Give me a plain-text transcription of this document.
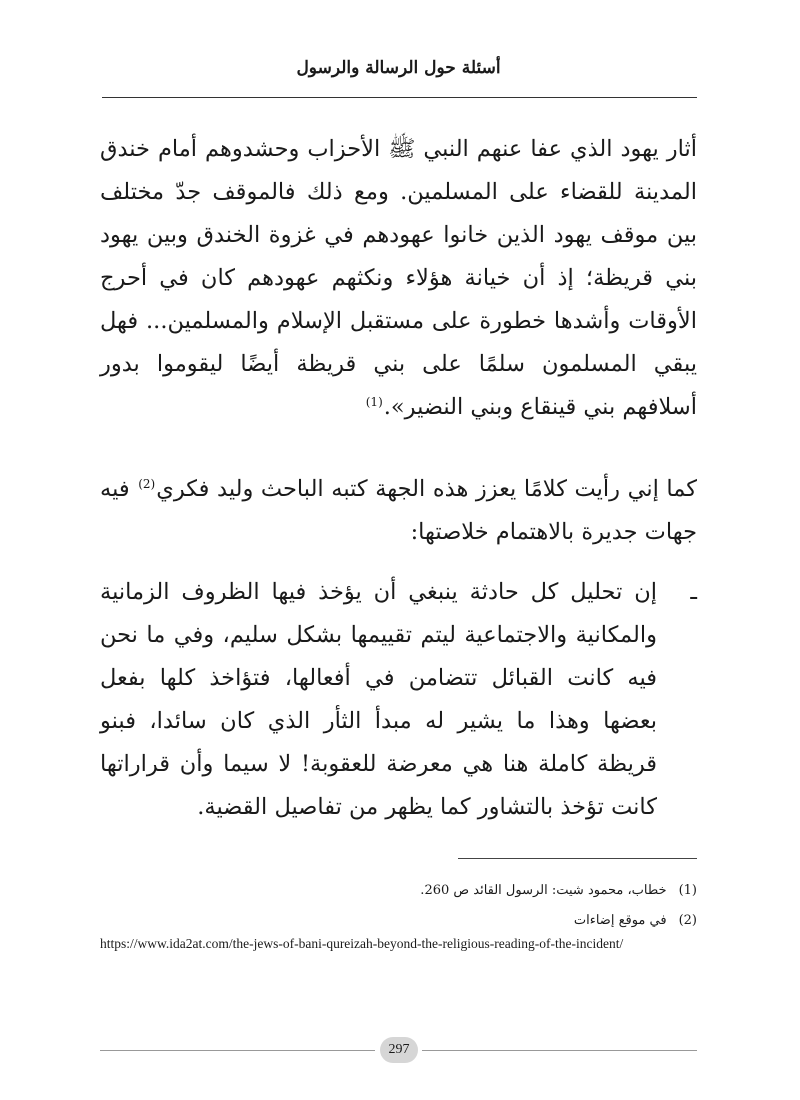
أسئلة حول الرسالة والرسول

أثار يهود الذي عفا عنهم النبي ﷺ الأحزاب وحشدوهم أمام خندق المدينة للقضاء على المسلمين. ومع ذلك فالموقف جدّ مختلف بين موقف يهود الذين خانوا عهودهم في غزوة الخندق وبين يهود بني قريظة؛ إذ أن خيانة هؤلاء ونكثهم عهودهم كان في أحرج الأوقات وأشدها خطورة على مستقبل الإسلام والمسلمين... فهل يبقي المسلمون سلمًا على بني قريظة أيضًا ليقوموا بدور أسلافهم بني قينقاع وبني النضير».$^{(1)}$

كما إني رأيت كلامًا يعزز هذه الجهة كتبه الباحث وليد فكري$^{(2)}$ فيه جهات جديرة بالاهتمام خلاصتها:

ـ

إن تحليل كل حادثة ينبغي أن يؤخذ فيها الظروف الزمانية والمكانية والاجتماعية ليتم تقييمها بشكل سليم، وفي ما نحن فيه كانت القبائل تتضامن في أفعالها، فتؤاخذ كلها بفعل بعضها وهذا ما يشير له مبدأ الثأر الذي كان سائدا، فبنو قريظة كاملة هنا هي معرضة للعقوبة! لا سيما وأن قراراتها كانت تؤخذ بالتشاور كما يظهر من تفاصيل القضية.

(1)خطاب، محمود شيت: الرسول القائد ص 260.
(2)في موقع إضاءات
https://www.ida2at.com/the-jews-of-bani-qureizah-beyond-the-religious-reading-of-the-incident/
297
